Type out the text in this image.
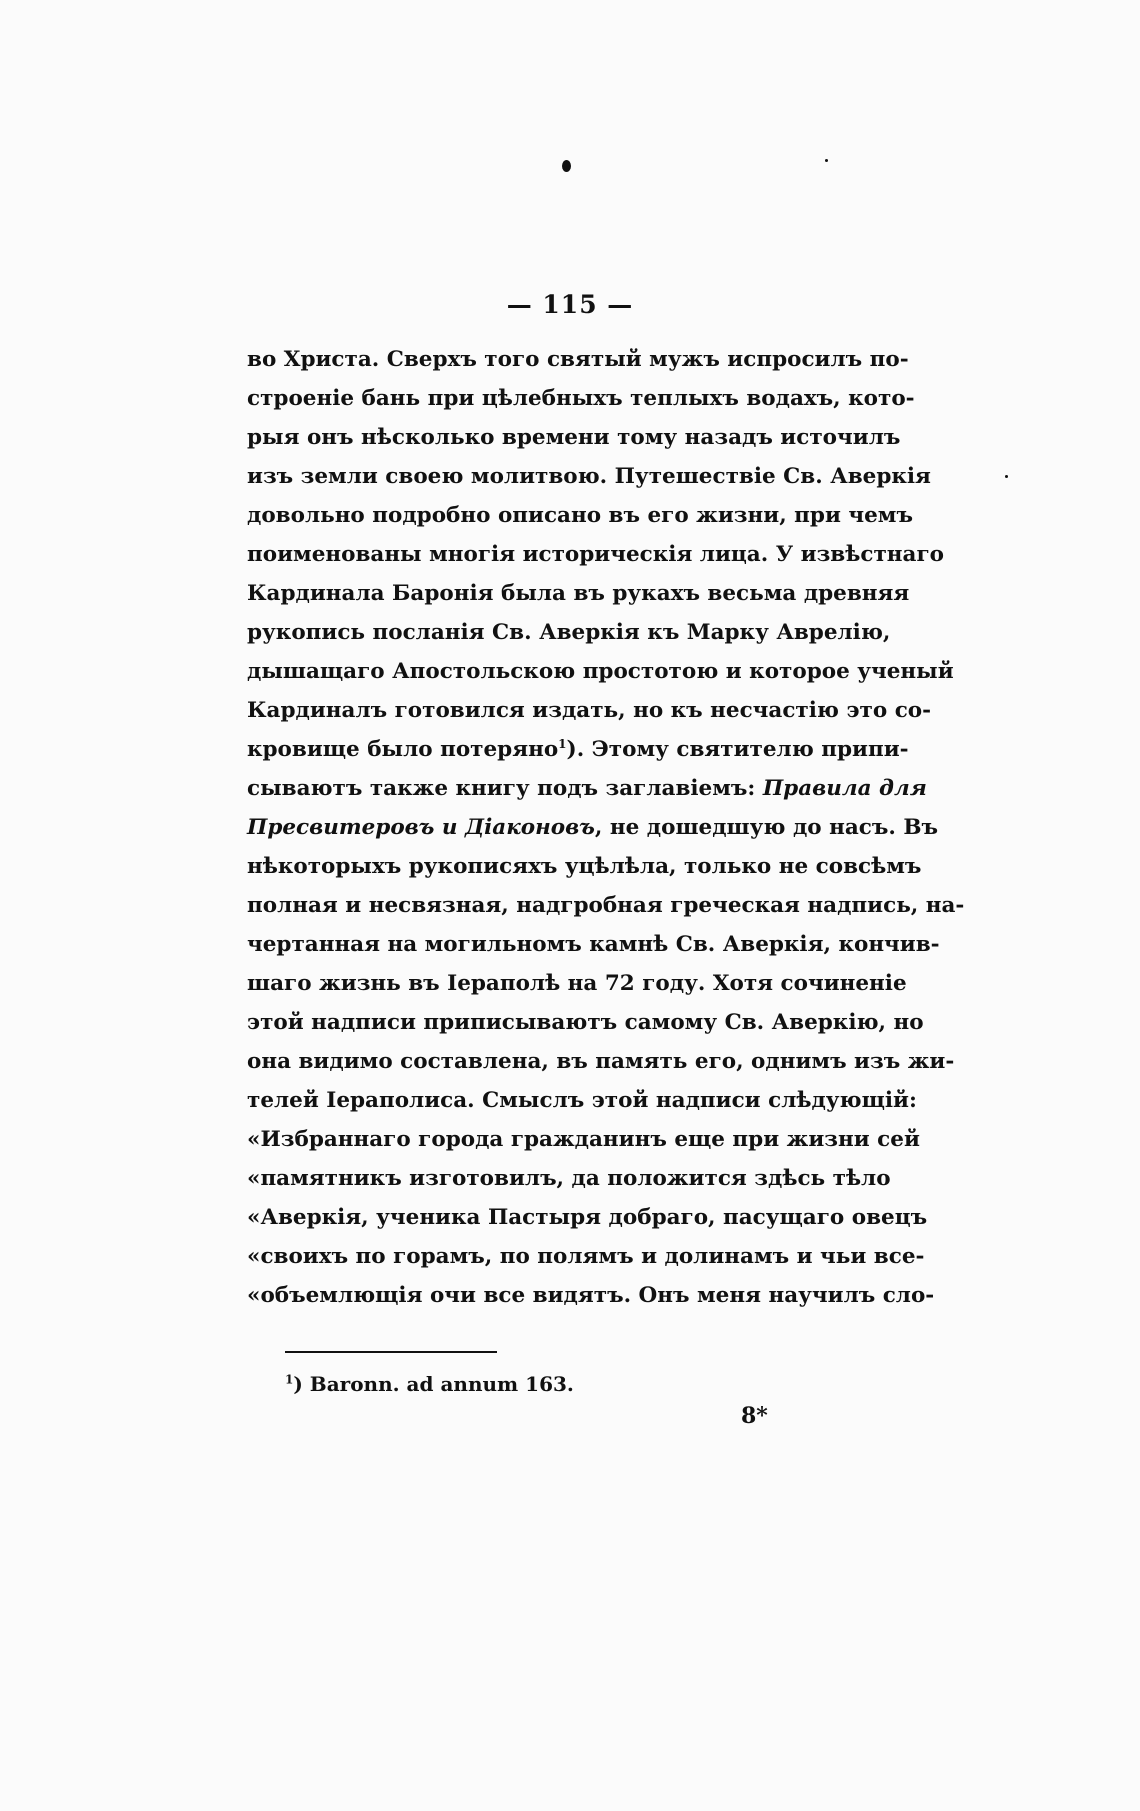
— 115 —
во Христа. Сверхъ того святый мужъ испросилъ по-
строеніе бань при цѣлебныхъ теплыхъ водахъ, кото-
рыя онъ нѣсколько времени тому назадъ источилъ
изъ земли своею молитвою. Путешествіе Св. Аверкія
довольно подробно описано въ его жизни, при чемъ
поименованы многія историческія лица. У извѣстнаго
Кардинала Баронія была въ рукахъ весьма древняя
рукопись посланія Св. Аверкія къ Марку Аврелію,
дышащаго Апостольскою простотою и которое ученый
Кардиналъ готовился издать, но къ несчастію это со-
кровище было потеряно$^1$). Этому святителю припи-
сываютъ также книгу подъ заглавіемъ: Правила для
Пресвитеровъ и Діаконовъ, не дошедшую до насъ. Въ
нѣкоторыхъ рукописяхъ уцѣлѣла, только не совсѣмъ
полная и несвязная, надгробная греческая надпись, на-
чертанная на могильномъ камнѣ Св. Аверкія, кончив-
шаго жизнь въ Іераполѣ на 72 году. Хотя сочиненіе
этой надписи приписываютъ самому Св. Аверкію, но
она видимо составлена, въ память его, однимъ изъ жи-
телей Іераполиса. Смыслъ этой надписи слѣдующій:
«Избраннаго города гражданинъ еще при жизни сей
«памятникъ изготовилъ, да положится здѣсь тѣло
«Аверкія, ученика Пастыря добраго, пасущаго овецъ
«своихъ по горамъ, по полямъ и долинамъ и чьи все-
«объемлющія очи все видятъ. Онъ меня научилъ сло-
$^1$) Baronn. ad annum 163.
8*
